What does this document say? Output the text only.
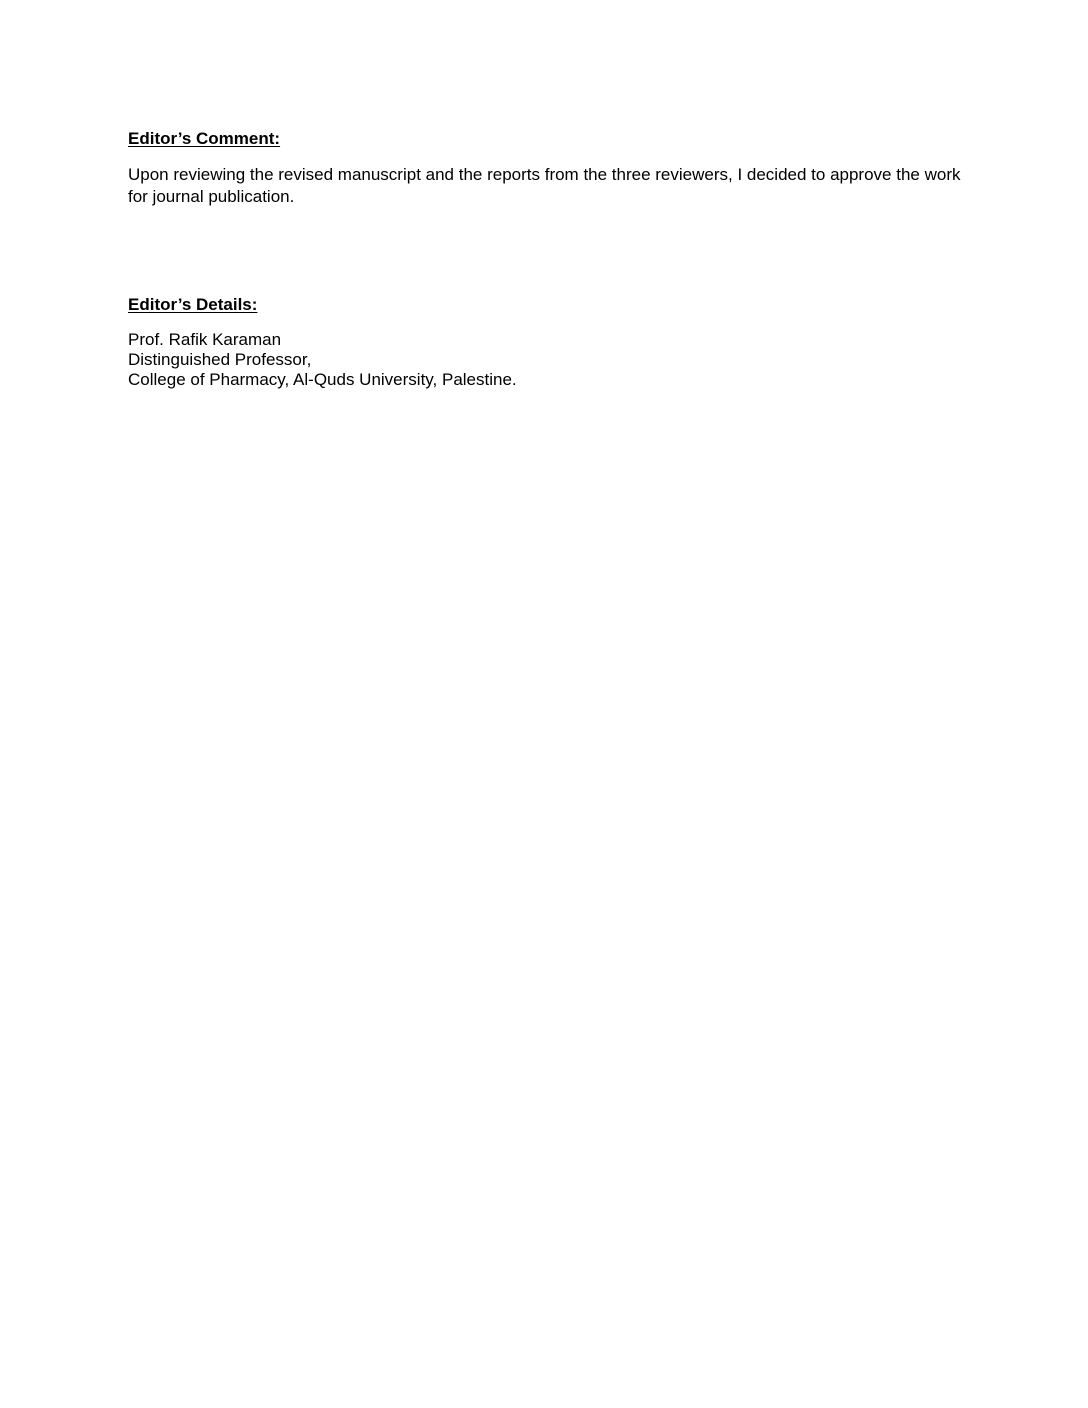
Editor’s Comment:

Upon reviewing the revised manuscript and the reports from the three reviewers, I decided to approve the work for journal publication.

Editor’s Details:
Prof. Rafik Karaman
Distinguished Professor,
College of Pharmacy, Al-Quds University, Palestine.
